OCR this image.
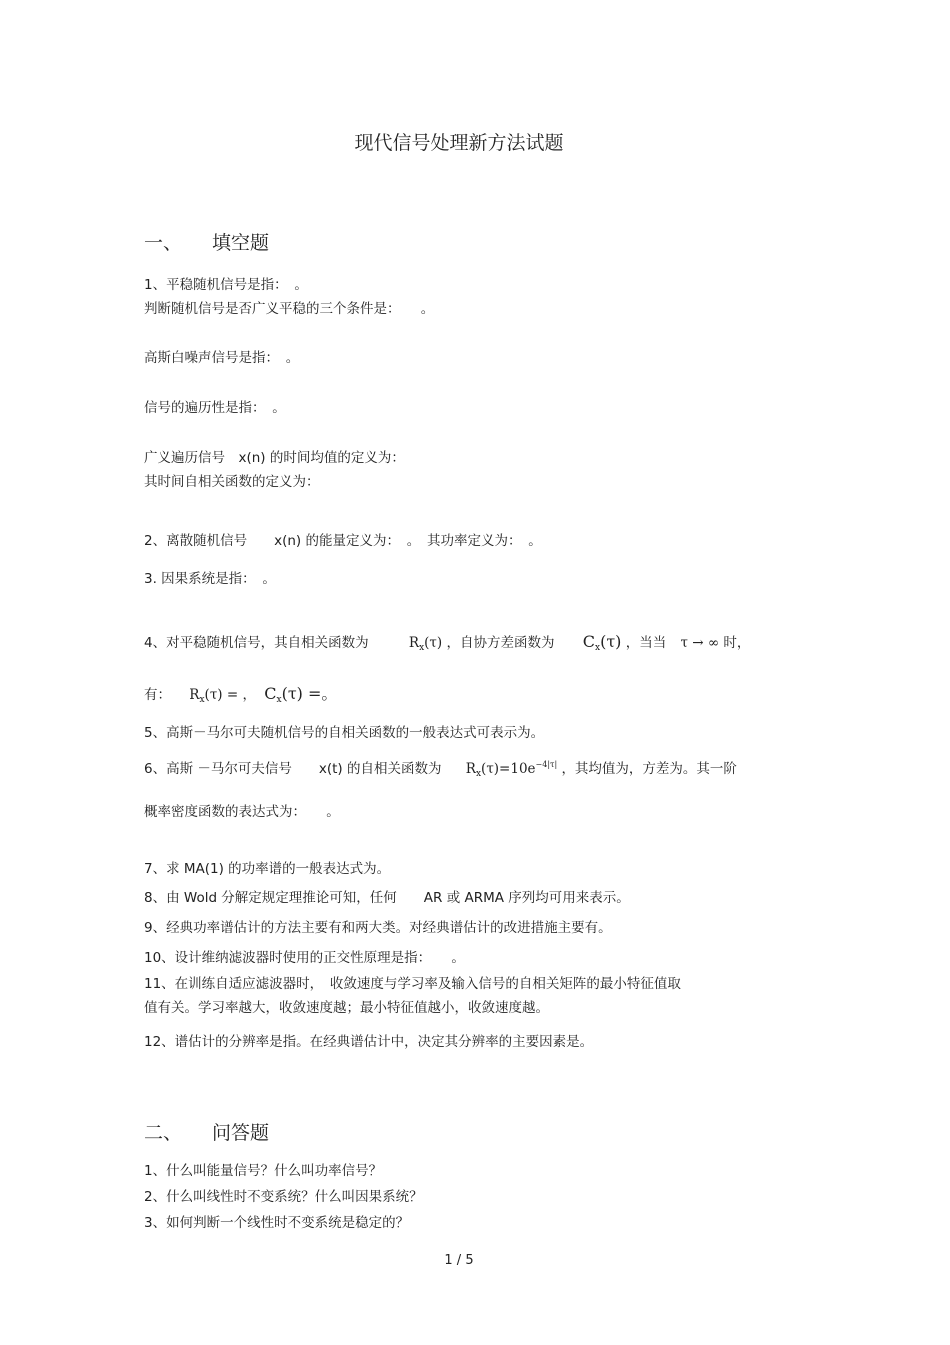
现代信号处理新方法试题
一、 填空题
1、平稳随机信号是指：　。
判断随机信号是否广义平稳的三个条件是：　　。
高斯白噪声信号是指：　。
信号的遍历性是指：　。
广义遍历信号　x(n) 的时间均值的定义为：
其时间自相关函数的定义为：
2、离散随机信号　　x(n) 的能量定义为：　。　其功率定义为：　。
3. 因果系统是指：　。
4、对平稳随机信号，其自相关函数为	$R_x(\tau)$ ，自协方差函数为 $C_x(\tau)$ ，当当 τ → ∞ 时，
有： $R_x(\tau)$ = ， $C_x(\tau)$ =。
5、高斯－马尔可夫随机信号的自相关函数的一般表达式可表示为。
6、高斯 －马尔可夫信号　　x(t) 的自相关函数为 $R_x(\tau)=10e^{-4|\tau|}$ ，其均值为，方差为。其一阶
概率密度函数的表达式为：　　。
7、求 MA(1) 的功率谱的一般表达式为。
8、由 Wold 分解定规定理推论可知，任何　　AR 或 ARMA 序列均可用来表示。
9、经典功率谱估计的方法主要有和两大类。对经典谱估计的改进措施主要有。
10、设计维纳滤波器时使用的正交性原理是指：　　。
11、在训练自适应滤波器时，　收敛速度与学习率及输入信号的自相关矩阵的最小特征值取
值有关。学习率越大，收敛速度越；最小特征值越小，收敛速度越。
12、谱估计的分辨率是指。在经典谱估计中，决定其分辨率的主要因素是。
二、 问答题
1、什么叫能量信号？什么叫功率信号？
2、什么叫线性时不变系统？什么叫因果系统？
3、如何判断一个线性时不变系统是稳定的？
1 / 5
